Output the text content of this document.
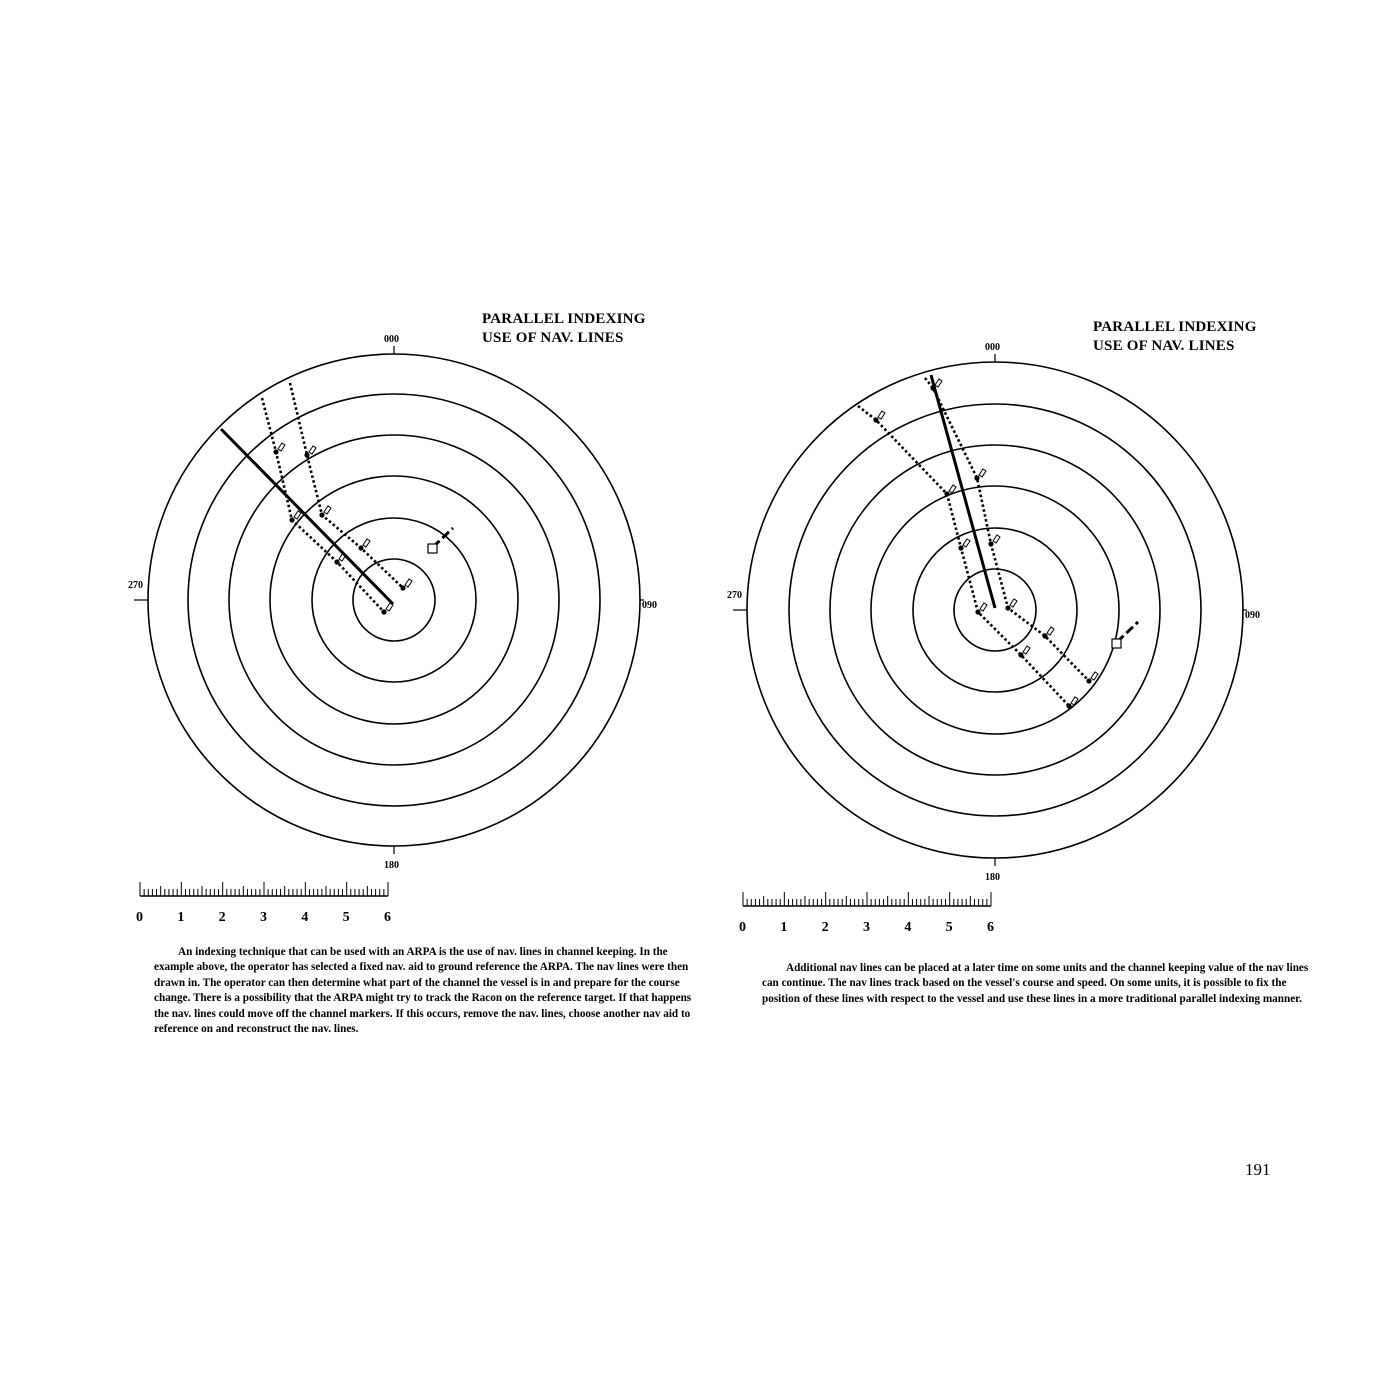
PARALLEL INDEXING
USE OF NAV. LINES
PARALLEL INDEXING
USE OF NAV. LINES
000
180
270
090
0 1 2 3 4 5 6
000
180
270
090
0 1 2 3 4 5 6
An indexing technique that can be used with an ARPA is the use of nav. lines in channel keeping. In the example above, the operator has selected a fixed nav. aid to ground reference the ARPA. The nav lines were then drawn in. The operator can then determine what part of the channel the vessel is in and prepare for the course change. There is a possibility that the ARPA might try to track the Racon on the reference target. If that happens the nav. lines could move off the channel markers. If this occurs, remove the nav. lines, choose another nav aid to reference on and reconstruct the nav. lines.
Additional nav lines can be placed at a later time on some units and the channel keeping value of the nav lines can continue. The nav lines track based on the vessel's course and speed. On some units, it is possible to fix the position of these lines with respect to the vessel and use these lines in a more traditional parallel indexing manner.
191
